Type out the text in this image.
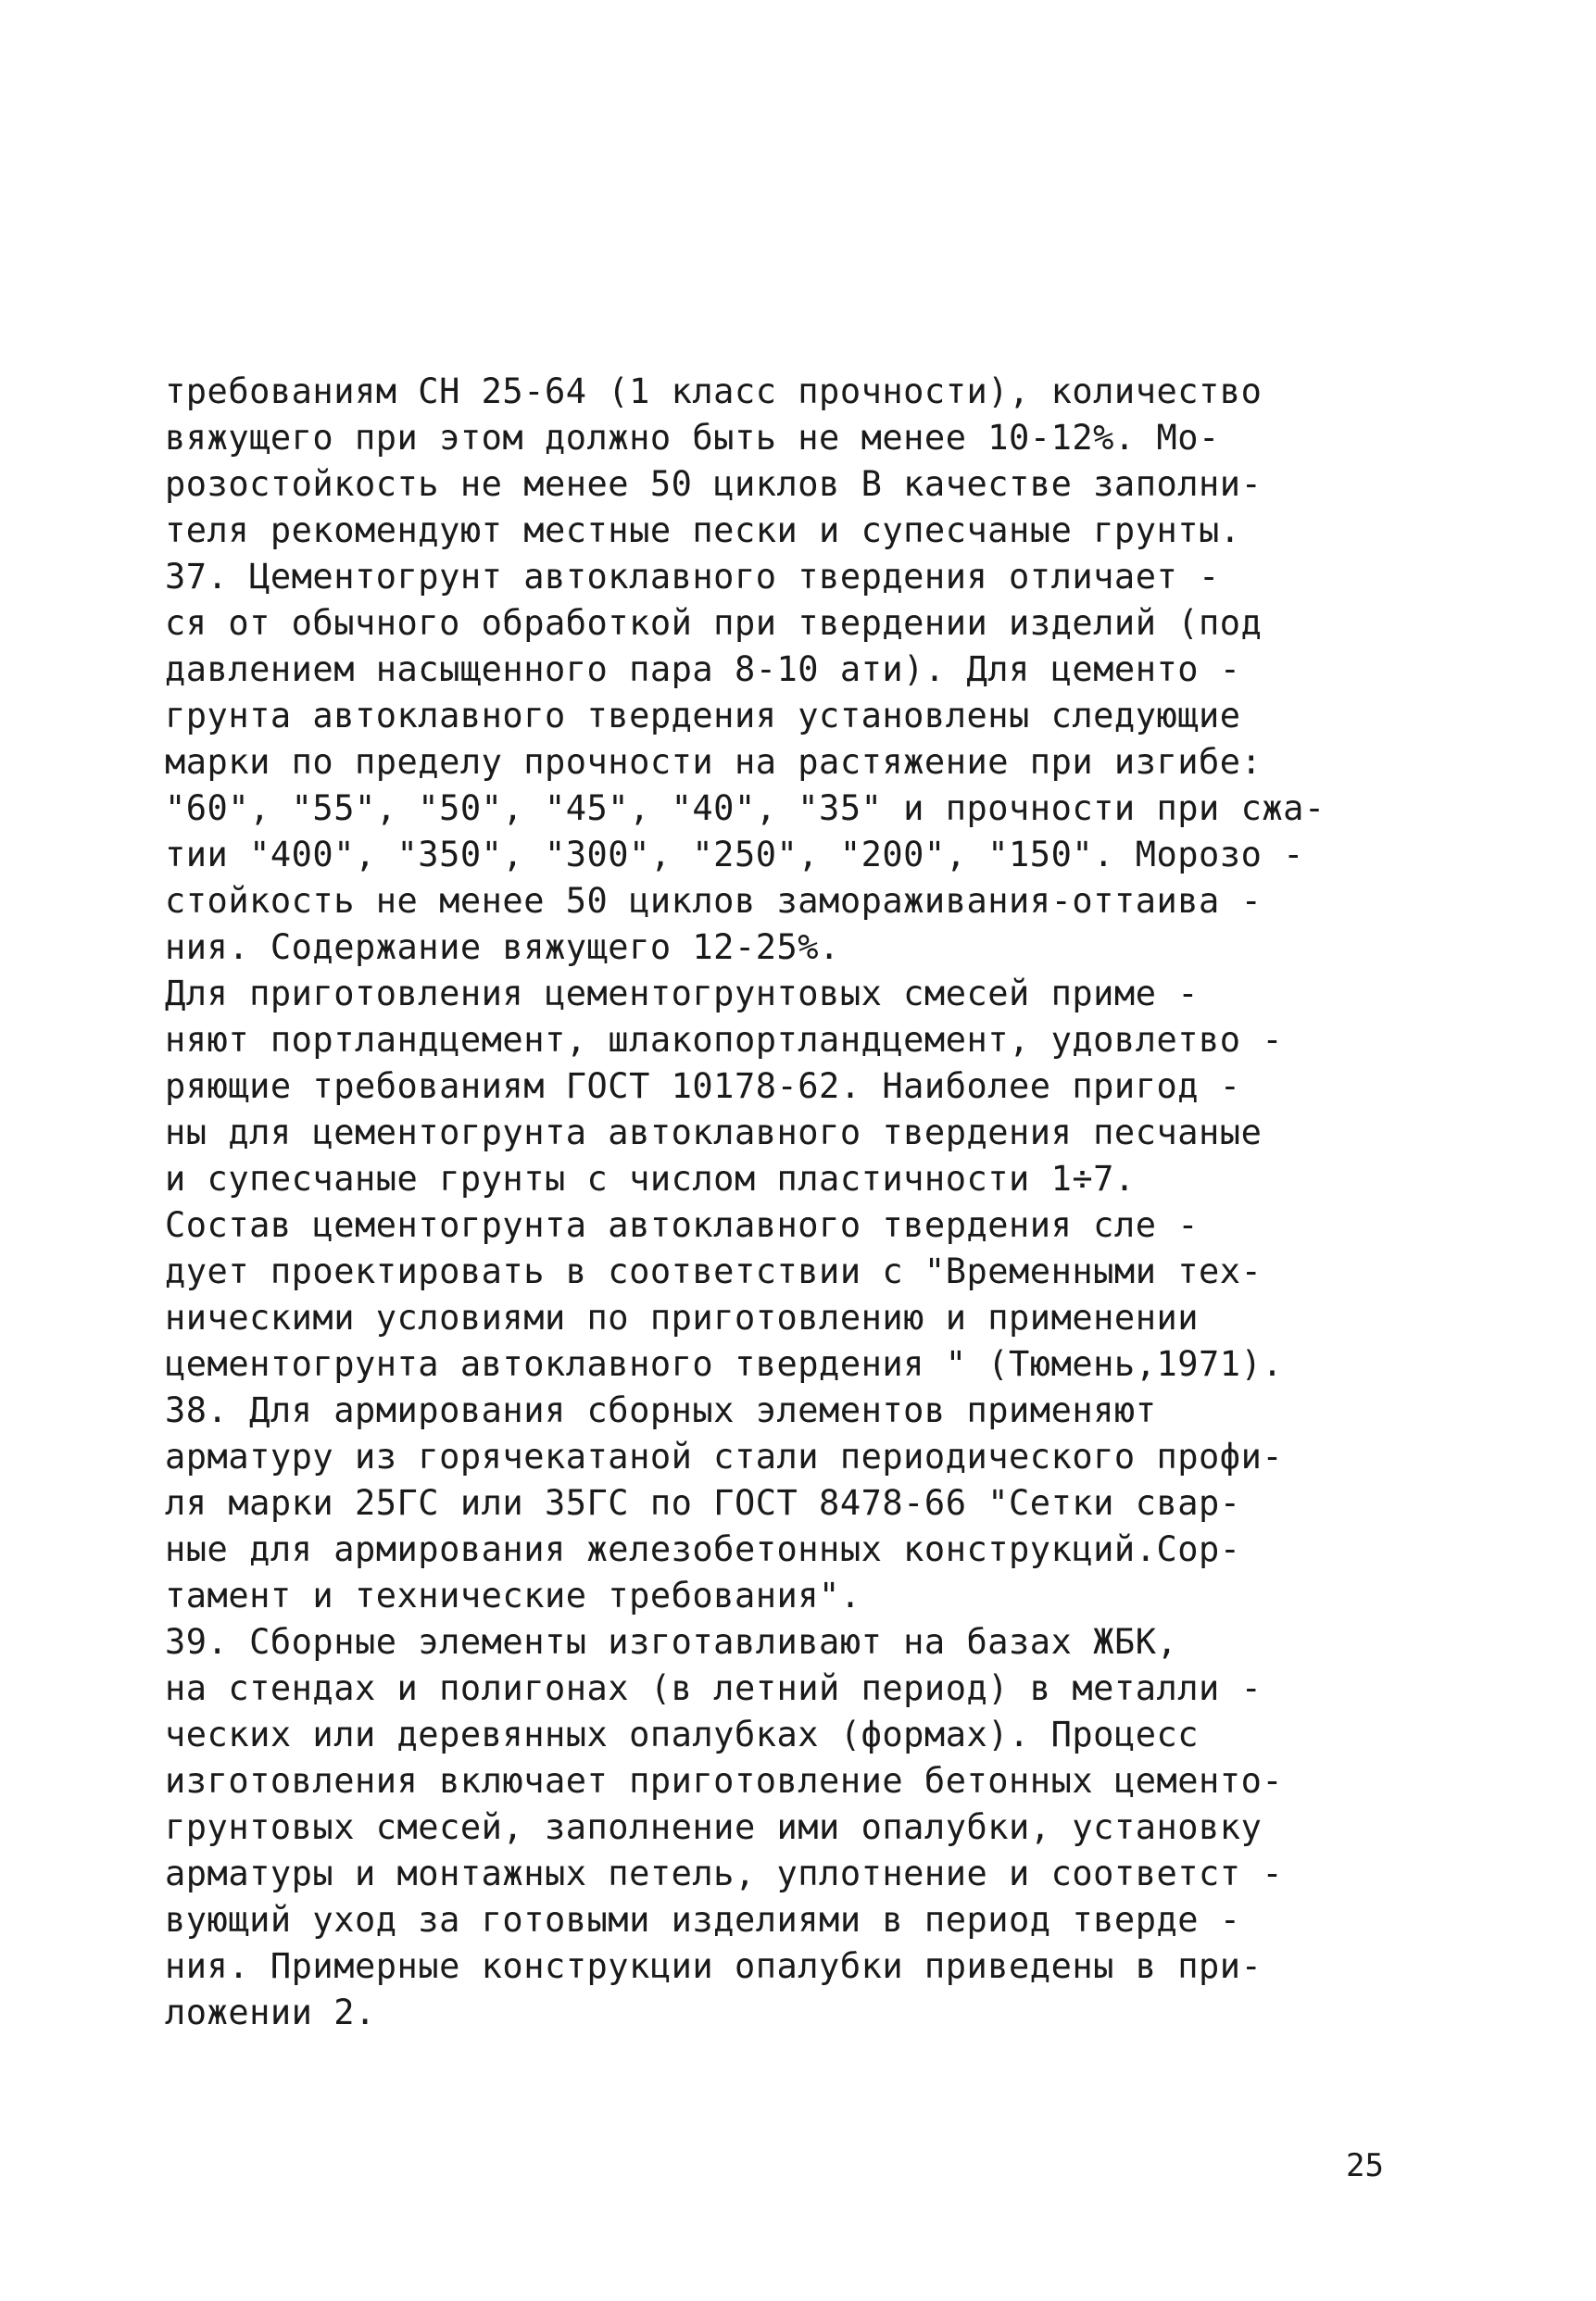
требованиям СН 25-64 (1 класс прочности), количество
вяжущего при этом должно быть не менее 10-12%. Мо-
розостойкость не менее 50 циклов В качестве заполни-
теля рекомендуют местные пески и супесчаные грунты.
37. Цементогрунт автоклавного твердения отличает -
ся от обычного обработкой при твердении изделий (под
давлением насыщенного пара 8-10 ати). Для цементо -
грунта автоклавного твердения установлены следующие
марки по пределу прочности на растяжение при изгибе:
"60", "55", "50", "45", "40", "35" и прочности при сжа-
тии "400", "350", "300", "250", "200", "150". Морозо -
стойкость не менее 50 циклов замораживания-оттаива -
ния. Содержание вяжущего 12-25%.
Для приготовления цементогрунтовых смесей приме -
няют портландцемент, шлакопортландцемент, удовлетво -
ряющие требованиям ГОСТ 10178-62. Наиболее пригод -
ны для цементогрунта автоклавного твердения песчаные
и супесчаные грунты с числом пластичности 1÷7.
Состав цементогрунта автоклавного твердения сле -
дует проектировать в соответствии с "Временными тех-
ническими условиями по приготовлению и применении
цементогрунта автоклавного твердения " (Тюмень,1971).
38. Для армирования сборных элементов применяют
арматуру из горячекатаной стали периодического профи-
ля марки 25ГС или 35ГС по ГОСТ 8478-66 "Сетки свар-
ные для армирования железобетонных конструкций.Сор-
тамент и технические требования".
39. Сборные элементы изготавливают на базах ЖБК,
на стендах и полигонах (в летний период) в металли -
ческих или деревянных опалубках (формах). Процесс
изготовления включает приготовление бетонных цементо-
грунтовых смесей, заполнение ими опалубки, установку
арматуры и монтажных петель, уплотнение и соответст -
вующий уход за готовыми изделиями в период тверде -
ния. Примерные конструкции опалубки приведены в при-
ложении 2.
25
